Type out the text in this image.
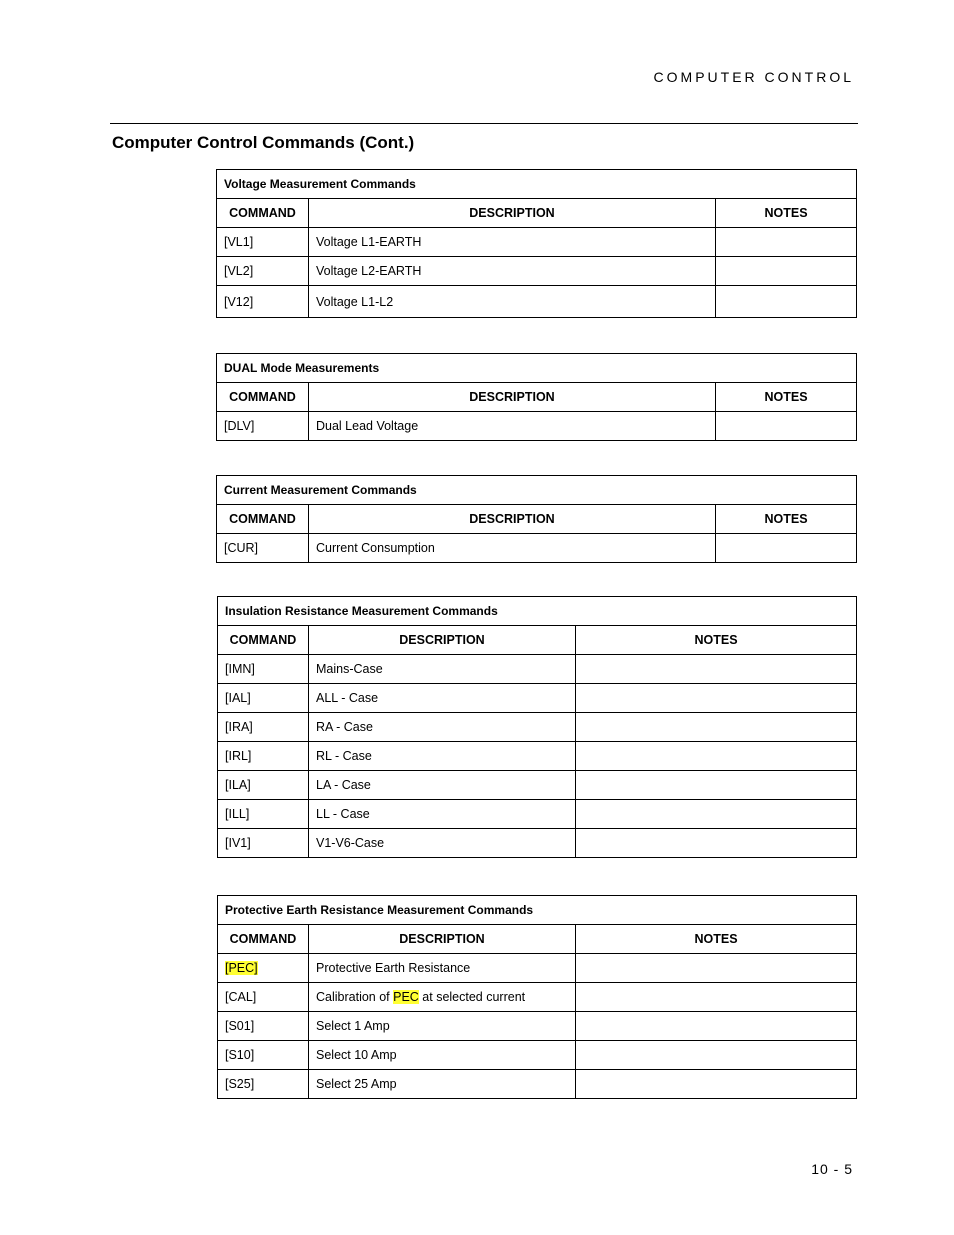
COMPUTER CONTROL
Computer Control Commands (Cont.)
Voltage Measurement Commands		
COMMAND	DESCRIPTION	NOTES
[VL1]	Voltage L1-EARTH	
[VL2]	Voltage L2-EARTH	
[V12]	Voltage L1-L2	
DUAL Mode Measurements		
COMMAND	DESCRIPTION	NOTES
[DLV]	Dual Lead Voltage	
Current Measurement Commands		
COMMAND	DESCRIPTION	NOTES
[CUR]	Current Consumption	
Insulation Resistance Measurement Commands		
COMMAND	DESCRIPTION	NOTES
[IMN]	Mains-Case	
[IAL]	ALL - Case	
[IRA]	RA - Case	
[IRL]	RL - Case	
[ILA]	LA - Case	
[ILL]	LL - Case	
[IV1]	V1-V6-Case	
Protective Earth Resistance Measurement Commands		
COMMAND	DESCRIPTION	NOTES
[PEC]	Protective Earth Resistance	
[CAL]	Calibration of PEC at selected current	
[S01]	Select 1 Amp	
[S10]	Select 10 Amp	
[S25]	Select 25 Amp	
10 - 5
